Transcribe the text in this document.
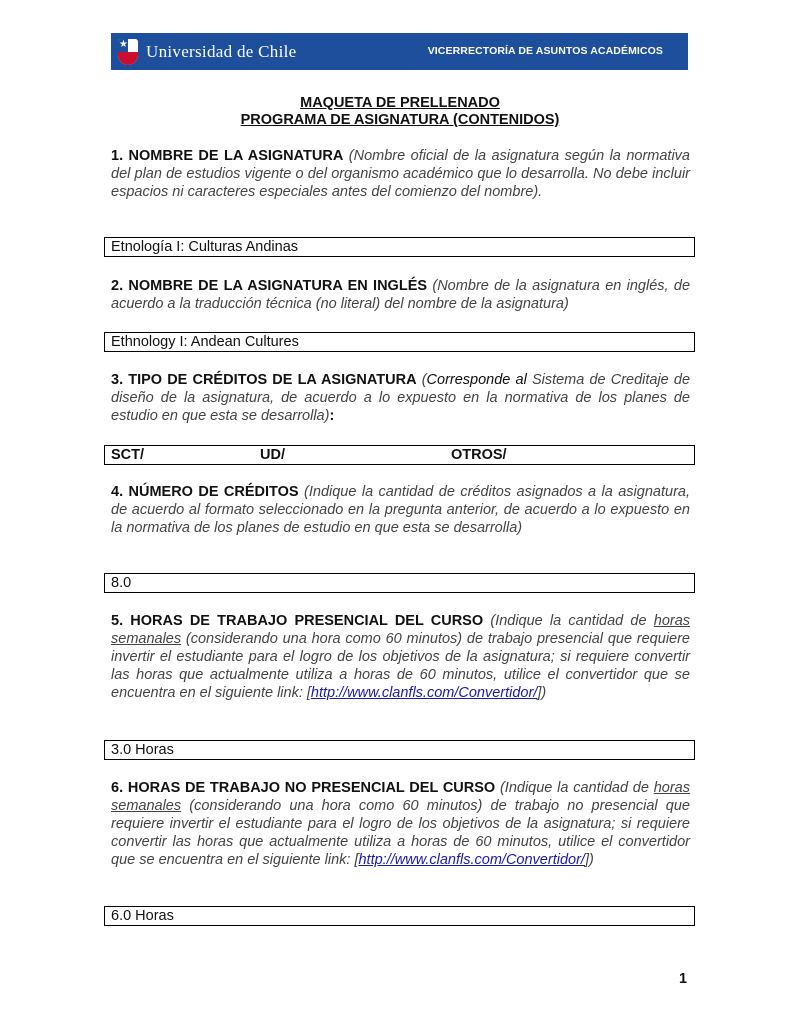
★ Universidad de Chile	VICERRECTORÍA DE ASUNTOS ACADÉMICOS
MAQUETA DE PRELLENADO
PROGRAMA DE ASIGNATURA (CONTENIDOS)
1. NOMBRE DE LA ASIGNATURA (Nombre oficial de la asignatura según la normativa del plan de estudios vigente o del organismo académico que lo desarrolla. No debe incluir espacios ni caracteres especiales antes del comienzo del nombre).
Etnología I: Culturas Andinas
2. NOMBRE DE LA ASIGNATURA EN INGLÉS (Nombre de la asignatura en inglés, de acuerdo a la traducción técnica (no literal) del nombre de la asignatura)
Ethnology I: Andean Cultures
3. TIPO DE CRÉDITOS DE LA ASIGNATURA (Corresponde al Sistema de Creditaje de diseño de la asignatura, de acuerdo a lo expuesto en la normativa de los planes de estudio en que esta se desarrolla):
SCT/	UD/	OTROS/
4. NÚMERO DE CRÉDITOS (Indique la cantidad de créditos asignados a la asignatura, de acuerdo al formato seleccionado en la pregunta anterior, de acuerdo a lo expuesto en la normativa de los planes de estudio en que esta se desarrolla)
8.0
5. HORAS DE TRABAJO PRESENCIAL DEL CURSO (Indique la cantidad de horas semanales (considerando una hora como 60 minutos) de trabajo presencial que requiere invertir el estudiante para el logro de los objetivos de la asignatura; si requiere convertir las horas que actualmente utiliza a horas de 60 minutos, utilice el convertidor que se encuentra en el siguiente link: [http://www.clanfls.com/Convertidor/])
3.0 Horas
6. HORAS DE TRABAJO NO PRESENCIAL DEL CURSO (Indique la cantidad de horas semanales (considerando una hora como 60 minutos) de trabajo no presencial que requiere invertir el estudiante para el logro de los objetivos de la asignatura; si requiere convertir las horas que actualmente utiliza a horas de 60 minutos, utilice el convertidor que se encuentra en el siguiente link: [http://www.clanfls.com/Convertidor/])
6.0 Horas
1
